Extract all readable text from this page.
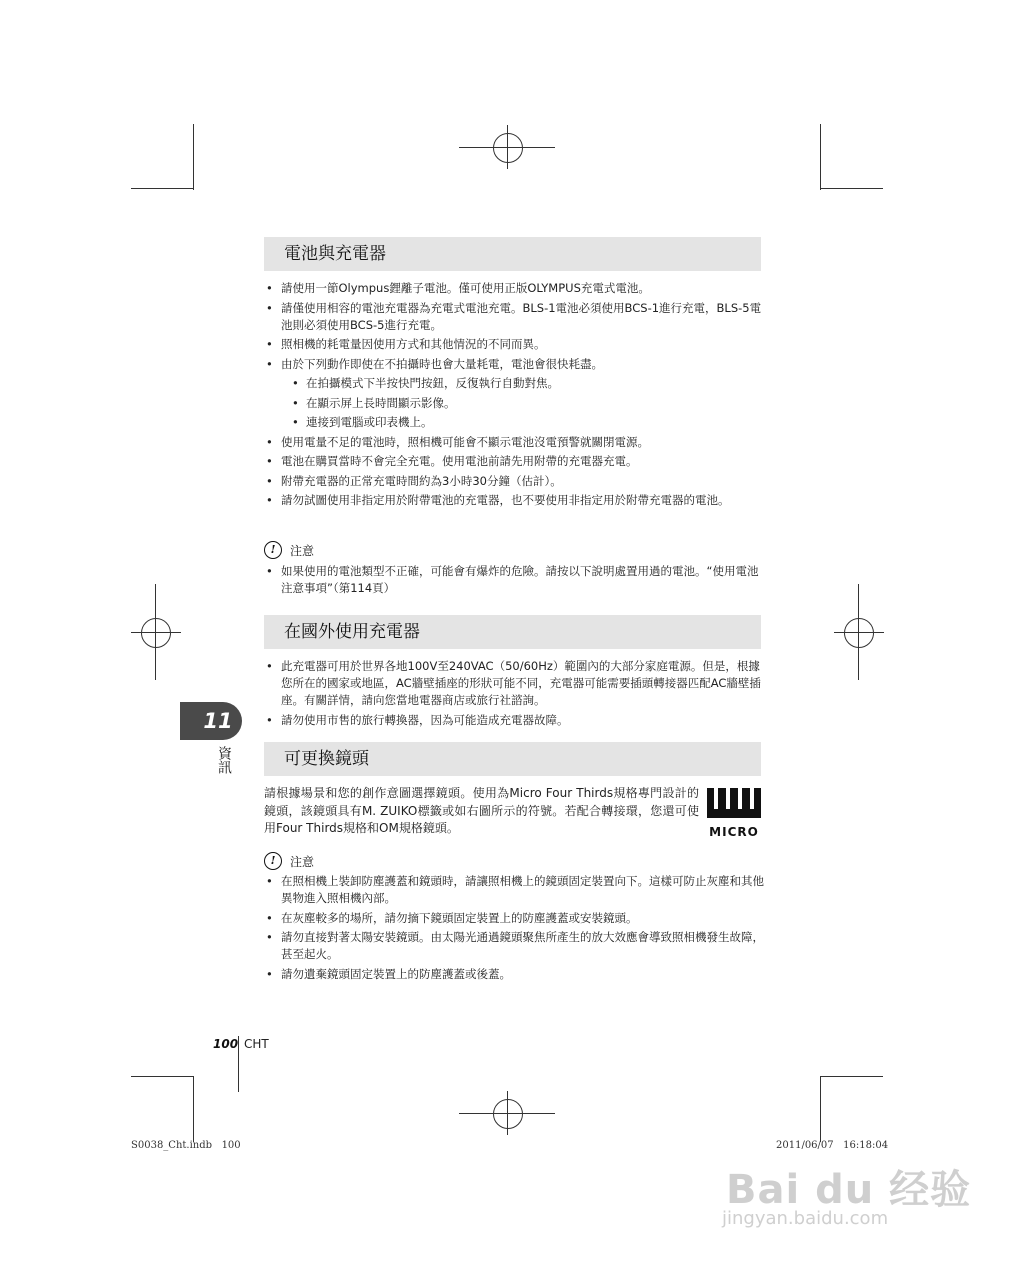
電池與充電器
• 請使用一節Olympus鋰離子電池。僅可使用正版OLYMPUS充電式電池。
• 請僅使用相容的電池充電器為充電式電池充電。BLS-1電池必須使用BCS-1進行充電，BLS-5電池則必須使用BCS-5進行充電。
• 照相機的耗電量因使用方式和其他情況的不同而異。
• 由於下列動作即使在不拍攝時也會大量耗電，電池會很快耗盡。
• 在拍攝模式下半按快門按鈕，反復執行自動對焦。
• 在顯示屏上長時間顯示影像。
• 連接到電腦或印表機上。
• 使用電量不足的電池時，照相機可能會不顯示電池沒電預警就關閉電源。
• 電池在購買當時不會完全充電。使用電池前請先用附帶的充電器充電。
• 附帶充電器的正常充電時間約為3小時30分鐘（估計）。
• 請勿試圖使用非指定用於附帶電池的充電器，也不要使用非指定用於附帶充電器的電池。
!	注意
• 如果使用的電池類型不正確，可能會有爆炸的危險。請按以下說明處置用過的電池。“使用電池注意事項”（第114頁）
在國外使用充電器
• 此充電器可用於世界各地100V至240VAC（50/60Hz）範圍內的大部分家庭電源。但是，根據您所在的國家或地區，AC牆壁插座的形狀可能不同，充電器可能需要插頭轉接器匹配AC牆壁插座。有關詳情，請向您當地電器商店或旅行社諮詢。
• 請勿使用市售的旅行轉換器，因為可能造成充電器故障。
11
資訊	可更換鏡頭

請根據場景和您的創作意圖選擇鏡頭。使用為Micro Four Thirds規格專門設計的鏡頭，該鏡頭具有M. ZUIKO標籤或如右圖所示的符號。若配合轉接環，您還可使用Four Thirds規格和OM規格鏡頭。	MICRO
!	注意
• 在照相機上裝卸防塵護蓋和鏡頭時，請讓照相機上的鏡頭固定裝置向下。這樣可防止灰塵和其他異物進入照相機內部。
• 在灰塵較多的場所，請勿摘下鏡頭固定裝置上的防塵護蓋或安裝鏡頭。
• 請勿直接對著太陽安裝鏡頭。由太陽光通過鏡頭聚焦所產生的放大效應會導致照相機發生故障，甚至起火。
• 請勿遺棄鏡頭固定裝置上的防塵護蓋或後蓋。
100 CHT
S0038_Cht.indb   100	2011/06/07   16:18:04
Bai du 经验
jingyan.baidu.com
